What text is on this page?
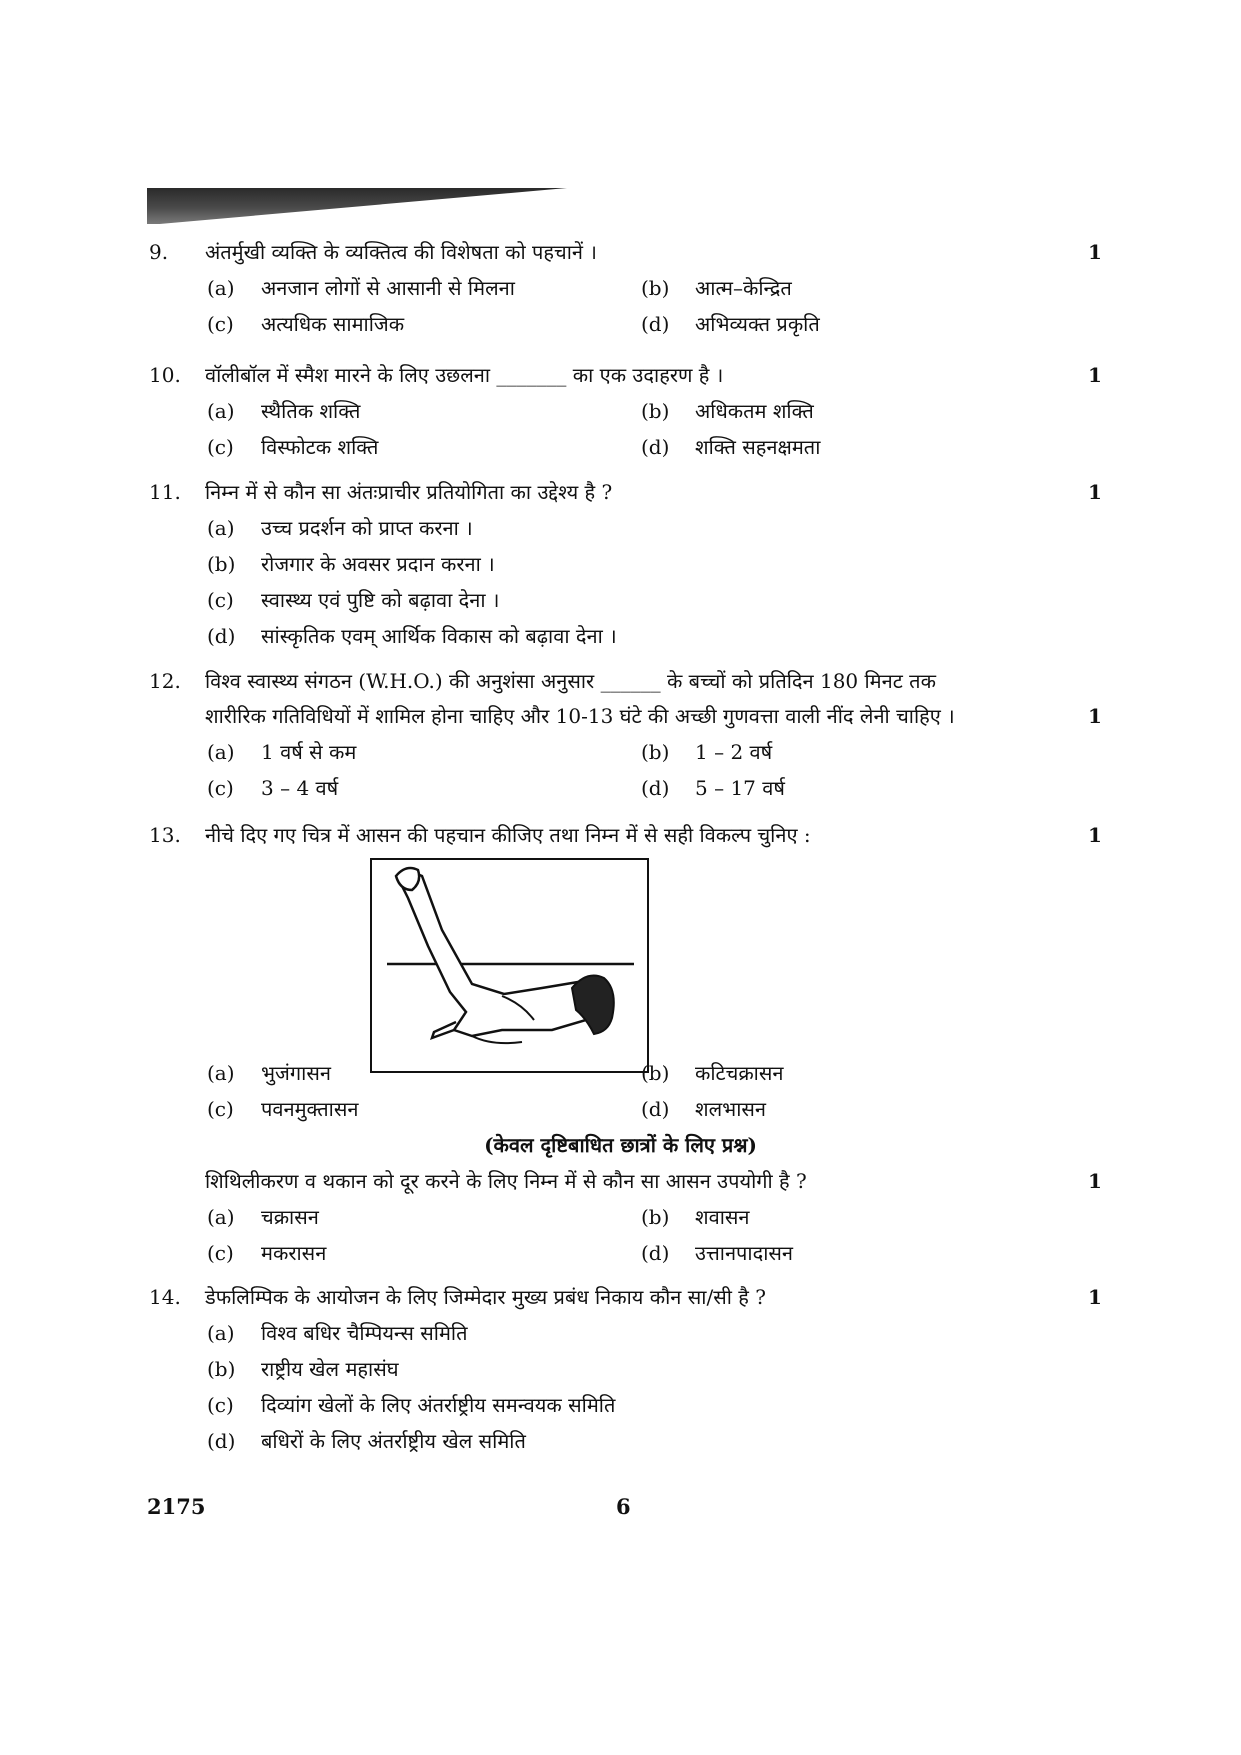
9. अंतर्मुखी व्यक्ति के व्यक्तित्व की विशेषता को पहचानें ।	1
(a) अनजान लोगों से आसानी से मिलना	(b) आत्म–केन्द्रित
(c) अत्यधिक सामाजिक	(d) अभिव्यक्त प्रकृति
10. वॉलीबॉल में स्मैश मारने के लिए उछलना _______ का एक उदाहरण है ।	1
(a) स्थैतिक शक्ति	(b) अधिकतम शक्ति
(c) विस्फोटक शक्ति	(d) शक्ति सहनक्षमता
11. निम्न में से कौन सा अंतःप्राचीर प्रतियोगिता का उद्देश्य है ?	1
(a) उच्च प्रदर्शन को प्राप्त करना ।
(b) रोजगार के अवसर प्रदान करना ।
(c) स्वास्थ्य एवं पुष्टि को बढ़ावा देना ।
(d) सांस्कृतिक एवम् आर्थिक विकास को बढ़ावा देना ।
12. विश्व स्वास्थ्य संगठन (W.H.O.) की अनुशंसा अनुसार ______ के बच्चों को प्रतिदिन 180 मिनट तक
शारीरिक गतिविधियों में शामिल होना चाहिए और 10-13 घंटे की अच्छी गुणवत्ता वाली नींद लेनी चाहिए ।	1
(a) 1 वर्ष से कम	(b) 1 – 2 वर्ष
(c) 3 – 4 वर्ष	(d) 5 – 17 वर्ष
13. नीचे दिए गए चित्र में आसन की पहचान कीजिए तथा निम्न में से सही विकल्प चुनिए :	1
(a) भुजंगासन	(b) कटिचक्रासन
(c) पवनमुक्तासन	(d) शलभासन
(केवल दृष्टिबाधित छात्रों के लिए प्रश्न)
शिथिलीकरण व थकान को दूर करने के लिए निम्न में से कौन सा आसन उपयोगी है ?	1
(a) चक्रासन	(b) शवासन
(c) मकरासन	(d) उत्तानपादासन
14. डेफलिम्पिक के आयोजन के लिए जिम्मेदार मुख्य प्रबंध निकाय कौन सा/सी है ?	1
(a) विश्व बधिर चैम्पियन्स समिति
(b) राष्ट्रीय खेल महासंघ
(c) दिव्यांग खेलों के लिए अंतर्राष्ट्रीय समन्वयक समिति
(d) बधिरों के लिए अंतर्राष्ट्रीय खेल समिति
2175	6
